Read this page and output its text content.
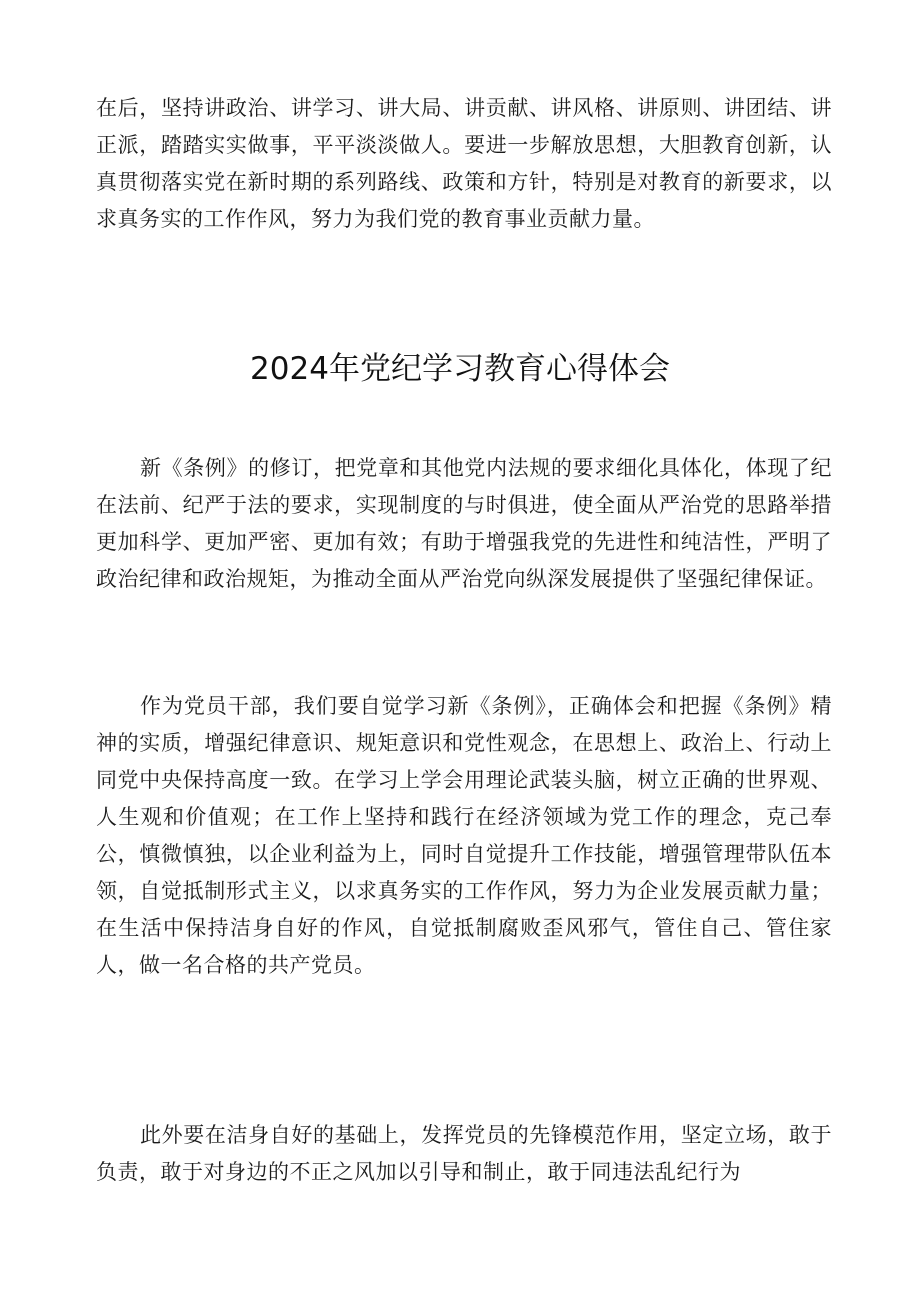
在后，坚持讲政治、讲学习、讲大局、讲贡献、讲风格、讲原则、讲团结、讲正派，踏踏实实做事，平平淡淡做人。要进一步解放思想，大胆教育创新，认真贯彻落实党在新时期的系列路线、政策和方针，特别是对教育的新要求，以求真务实的工作作风，努力为我们党的教育事业贡献力量。

2024年党纪学习教育心得体会

新《条例》的修订，把党章和其他党内法规的要求细化具体化，体现了纪在法前、纪严于法的要求，实现制度的与时俱进，使全面从严治党的思路举措更加科学、更加严密、更加有效；有助于增强我党的先进性和纯洁性，严明了政治纪律和政治规矩，为推动全面从严治党向纵深发展提供了坚强纪律保证。

作为党员干部，我们要自觉学习新《条例》，正确体会和把握《条例》精神的实质，增强纪律意识、规矩意识和党性观念，在思想上、政治上、行动上同党中央保持高度一致。在学习上学会用理论武装头脑，树立正确的世界观、人生观和价值观；在工作上坚持和践行在经济领域为党工作的理念，克己奉公，慎微慎独，以企业利益为上，同时自觉提升工作技能，增强管理带队伍本领，自觉抵制形式主义，以求真务实的工作作风，努力为企业发展贡献力量；在生活中保持洁身自好的作风，自觉抵制腐败歪风邪气，管住自己、管住家人，做一名合格的共产党员。

此外要在洁身自好的基础上，发挥党员的先锋模范作用，坚定立场，敢于负责，敢于对身边的不正之风加以引导和制止，敢于同违法乱纪行为
